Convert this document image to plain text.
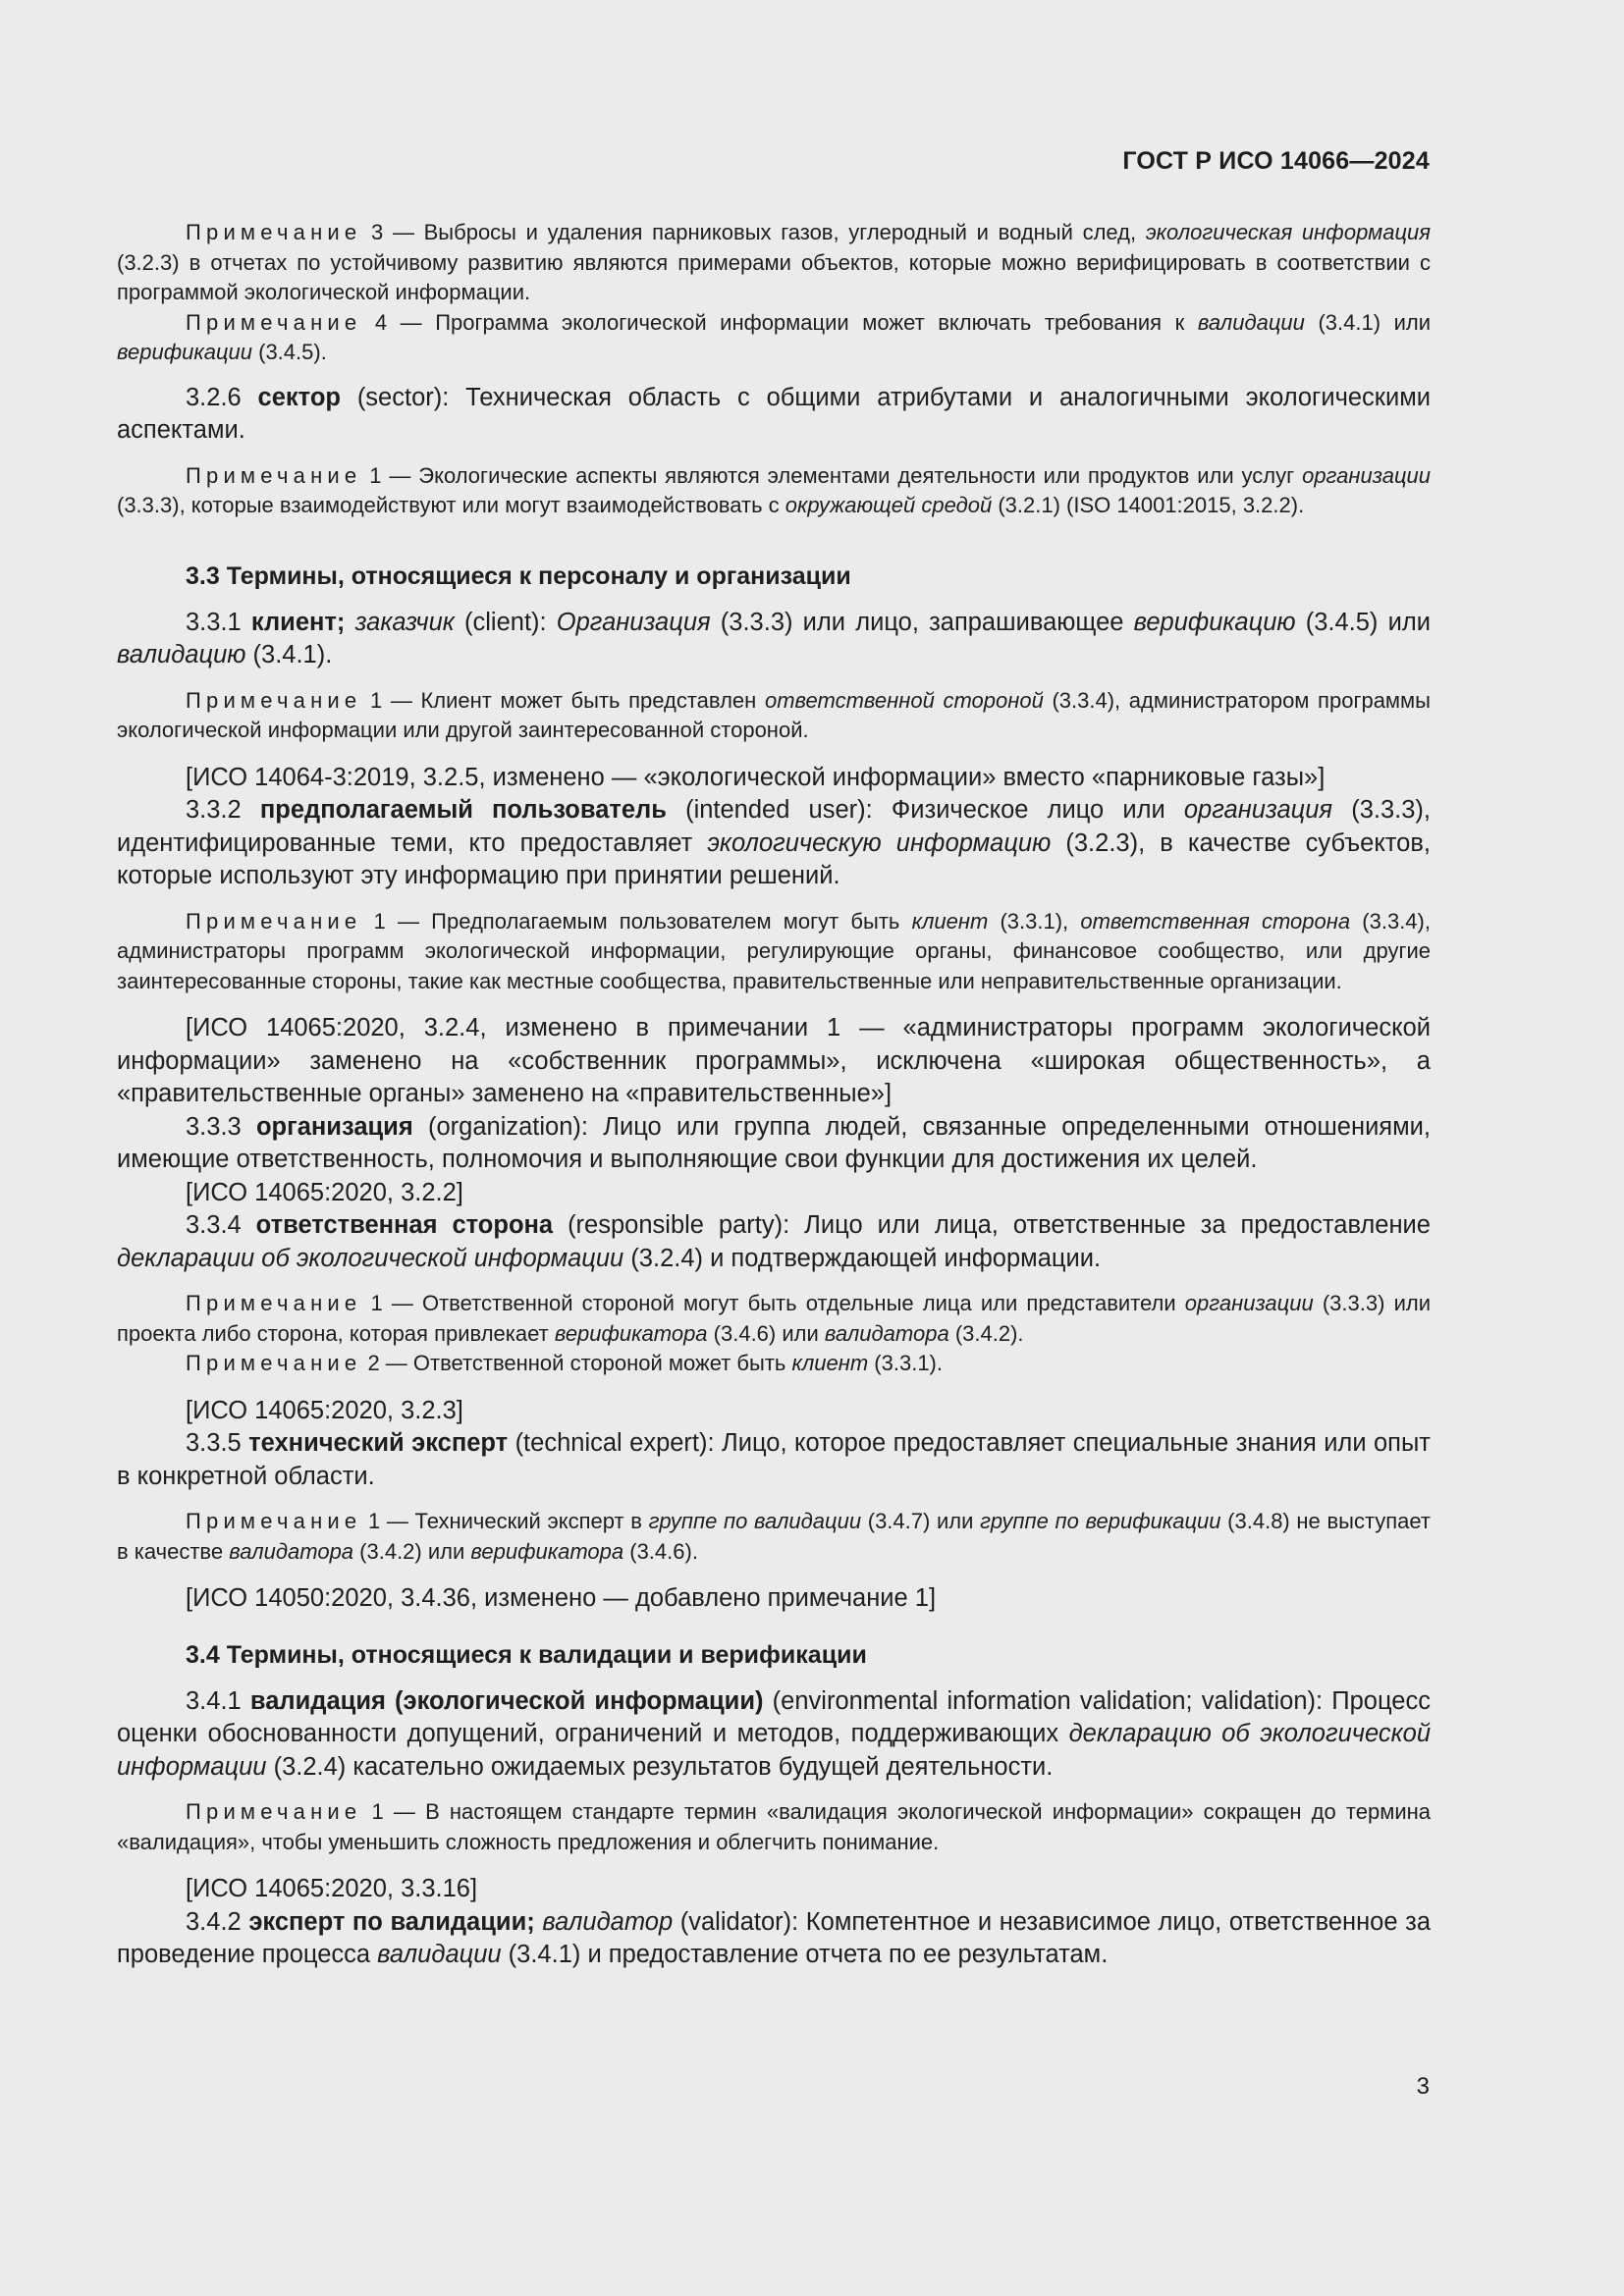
ГОСТ Р ИСО 14066—2024

Примечание 3 — Выбросы и удаления парниковых газов, углеродный и водный след, экологическая информация (3.2.3) в отчетах по устойчивому развитию являются примерами объектов, которые можно верифицировать в соответствии с программой экологической информации.

Примечание 4 — Программа экологической информации может включать требования к валидации (3.4.1) или верификации (3.4.5).

3.2.6 сектор (sector): Техническая область с общими атрибутами и аналогичными экологическими аспектами.

Примечание 1 — Экологические аспекты являются элементами деятельности или продуктов или услуг организации (3.3.3), которые взаимодействуют или могут взаимодействовать с окружающей средой (3.2.1) (ISO 14001:2015, 3.2.2).

3.3 Термины, относящиеся к персоналу и организации

3.3.1 клиент; заказчик (client): Организация (3.3.3) или лицо, запрашивающее верификацию (3.4.5) или валидацию (3.4.1).

Примечание 1 — Клиент может быть представлен ответственной стороной (3.3.4), администратором программы экологической информации или другой заинтересованной стороной.

[ИСО 14064-3:2019, 3.2.5, изменено — «экологической информации» вместо «парниковые газы»]

3.3.2 предполагаемый пользователь (intended user): Физическое лицо или организация (3.3.3), идентифицированные теми, кто предоставляет экологическую информацию (3.2.3), в качестве субъектов, которые используют эту информацию при принятии решений.

Примечание 1 — Предполагаемым пользователем могут быть клиент (3.3.1), ответственная сторона (3.3.4), администраторы программ экологической информации, регулирующие органы, финансовое сообщество, или другие заинтересованные стороны, такие как местные сообщества, правительственные или неправительственные организации.

[ИСО 14065:2020, 3.2.4, изменено в примечании 1 — «администраторы программ экологической информации» заменено на «собственник программы», исключена «широкая общественность», а «правительственные органы» заменено на «правительственные»]

3.3.3 организация (organization): Лицо или группа людей, связанные определенными отношениями, имеющие ответственность, полномочия и выполняющие свои функции для достижения их целей.

[ИСО 14065:2020, 3.2.2]

3.3.4 ответственная сторона (responsible party): Лицо или лица, ответственные за предоставление декларации об экологической информации (3.2.4) и подтверждающей информации.

Примечание 1 — Ответственной стороной могут быть отдельные лица или представители организации (3.3.3) или проекта либо сторона, которая привлекает верификатора (3.4.6) или валидатора (3.4.2).

Примечание 2 — Ответственной стороной может быть клиент (3.3.1).

[ИСО 14065:2020, 3.2.3]

3.3.5 технический эксперт (technical expert): Лицо, которое предоставляет специальные знания или опыт в конкретной области.

Примечание 1 — Технический эксперт в группе по валидации (3.4.7) или группе по верификации (3.4.8) не выступает в качестве валидатора (3.4.2) или верификатора (3.4.6).

[ИСО 14050:2020, 3.4.36, изменено — добавлено примечание 1]

3.4 Термины, относящиеся к валидации и верификации

3.4.1 валидация (экологической информации) (environmental information validation; validation): Процесс оценки обоснованности допущений, ограничений и методов, поддерживающих декларацию об экологической информации (3.2.4) касательно ожидаемых результатов будущей деятельности.

Примечание 1 — В настоящем стандарте термин «валидация экологической информации» сокращен до термина «валидация», чтобы уменьшить сложность предложения и облегчить понимание.

[ИСО 14065:2020, 3.3.16]

3.4.2 эксперт по валидации; валидатор (validator): Компетентное и независимое лицо, ответственное за проведение процесса валидации (3.4.1) и предоставление отчета по ее результатам.

3
